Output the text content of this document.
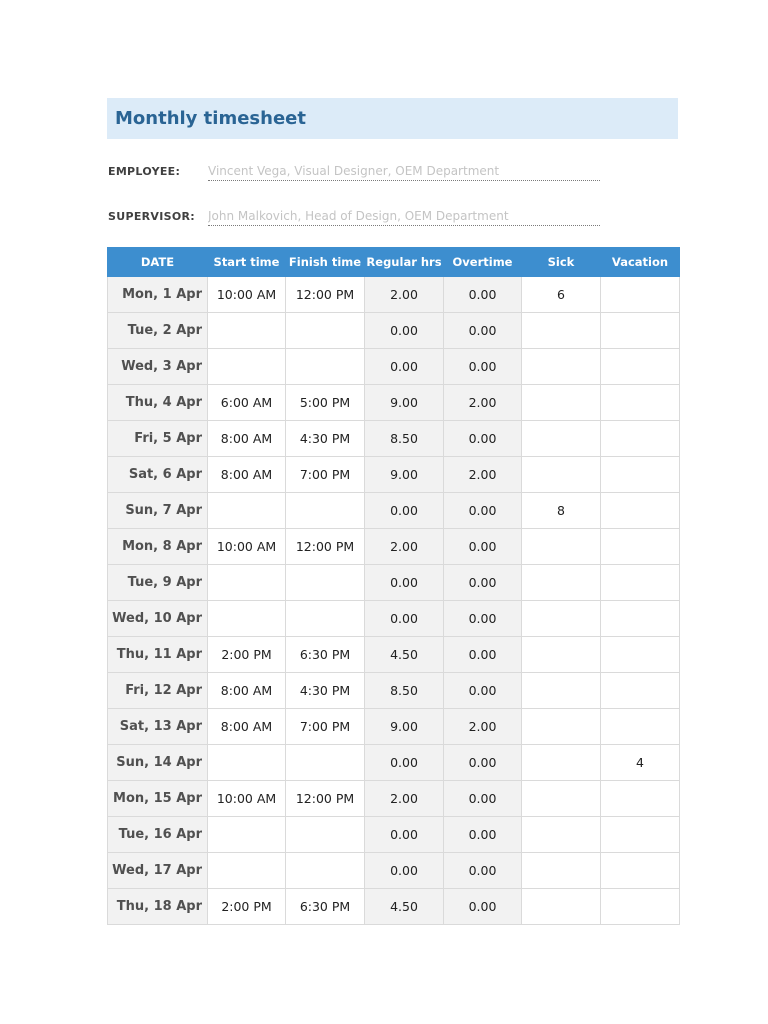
Monthly timesheet
EMPLOYEE:
Vincent Vega, Visual Designer, OEM Department
SUPERVISOR:
John Malkovich, Head of Design, OEM Department
DATE	Start time	Finish time	Regular hrs	Overtime	Sick	Vacation
Mon, 1 Apr	10:00 AM	12:00 PM	2.00	0.00	6	
Tue, 2 Apr			0.00	0.00		
Wed, 3 Apr			0.00	0.00		
Thu, 4 Apr	6:00 AM	5:00 PM	9.00	2.00		
Fri, 5 Apr	8:00 AM	4:30 PM	8.50	0.00		
Sat, 6 Apr	8:00 AM	7:00 PM	9.00	2.00		
Sun, 7 Apr			0.00	0.00	8	
Mon, 8 Apr	10:00 AM	12:00 PM	2.00	0.00		
Tue, 9 Apr			0.00	0.00		
Wed, 10 Apr			0.00	0.00		
Thu, 11 Apr	2:00 PM	6:30 PM	4.50	0.00		
Fri, 12 Apr	8:00 AM	4:30 PM	8.50	0.00		
Sat, 13 Apr	8:00 AM	7:00 PM	9.00	2.00		
Sun, 14 Apr			0.00	0.00		4
Mon, 15 Apr	10:00 AM	12:00 PM	2.00	0.00		
Tue, 16 Apr			0.00	0.00		
Wed, 17 Apr			0.00	0.00		
Thu, 18 Apr	2:00 PM	6:30 PM	4.50	0.00		
